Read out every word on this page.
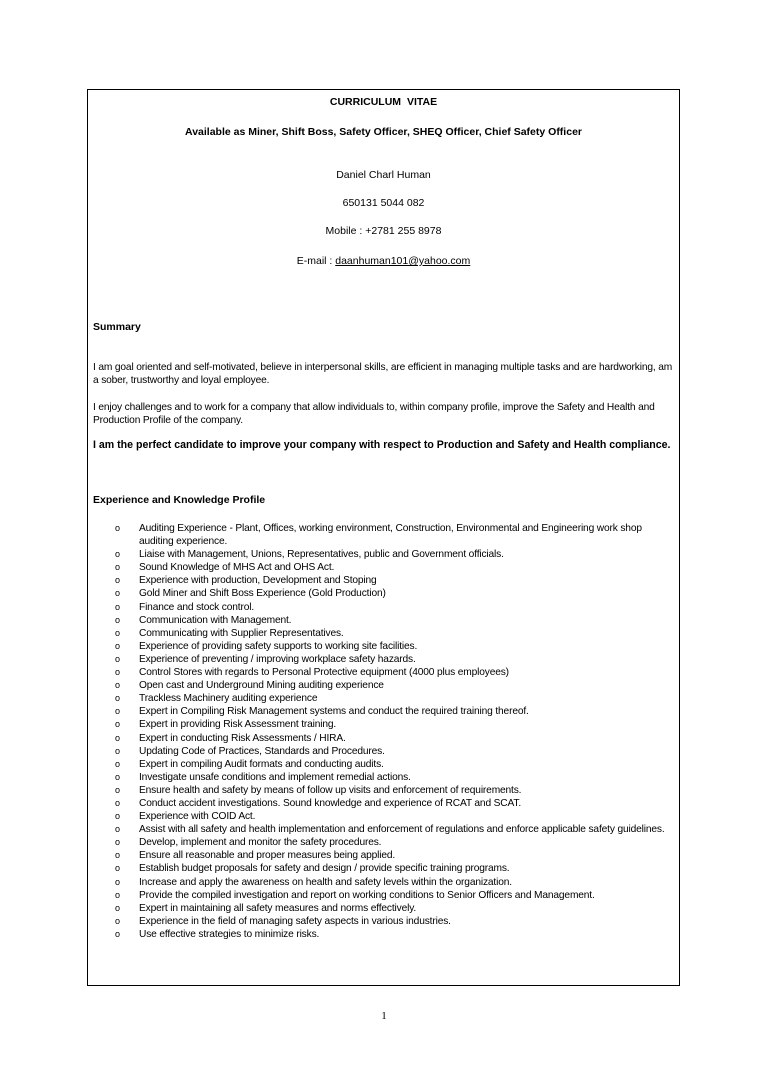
CURRICULUM VITAE
Available as Miner, Shift Boss, Safety Officer, SHEQ Officer, Chief Safety Officer
Daniel Charl Human
650131 5044 082
Mobile : +2781 255 8978
E-mail : daanhuman101@yahoo.com
Summary
I am goal oriented and self-motivated, believe in interpersonal skills, are efficient in managing multiple tasks and are hardworking, am a sober, trustworthy and loyal employee.
I enjoy challenges and to work for a company that allow individuals to, within company profile, improve the Safety and Health and Production Profile of the company.
I am the perfect candidate to improve your company with respect to Production and Safety and Health compliance.
Experience and Knowledge Profile
o Auditing Experience - Plant, Offices, working environment, Construction, Environmental and Engineering work shop auditing experience.
o Liaise with Management, Unions, Representatives, public and Government officials.
o Sound Knowledge of MHS Act and OHS Act.
o Experience with production, Development and Stoping
o Gold Miner and Shift Boss Experience (Gold Production)
o Finance and stock control.
o Communication with Management.
o Communicating with Supplier Representatives.
o Experience of providing safety supports to working site facilities.
o Experience of preventing / improving workplace safety hazards.
o Control Stores with regards to Personal Protective equipment (4000 plus employees)
o Open cast and Underground Mining auditing experience
o Trackless Machinery auditing experience
o Expert in Compiling Risk Management systems and conduct the required training thereof.
o Expert in providing Risk Assessment training.
o Expert in conducting Risk Assessments / HIRA.
o Updating Code of Practices, Standards and Procedures.
o Expert in compiling Audit formats and conducting audits.
o Investigate unsafe conditions and implement remedial actions.
o Ensure health and safety by means of follow up visits and enforcement of requirements.
o Conduct accident investigations. Sound knowledge and experience of RCAT and SCAT.
o Experience with COID Act.
o Assist with all safety and health implementation and enforcement of regulations and enforce applicable safety guidelines.
o Develop, implement and monitor the safety procedures.
o Ensure all reasonable and proper measures being applied.
o Establish budget proposals for safety and design / provide specific training programs.
o Increase and apply the awareness on health and safety levels within the organization.
o Provide the compiled investigation and report on working conditions to Senior Officers and Management.
o Expert in maintaining all safety measures and norms effectively.
o Experience in the field of managing safety aspects in various industries.
o Use effective strategies to minimize risks.
1
